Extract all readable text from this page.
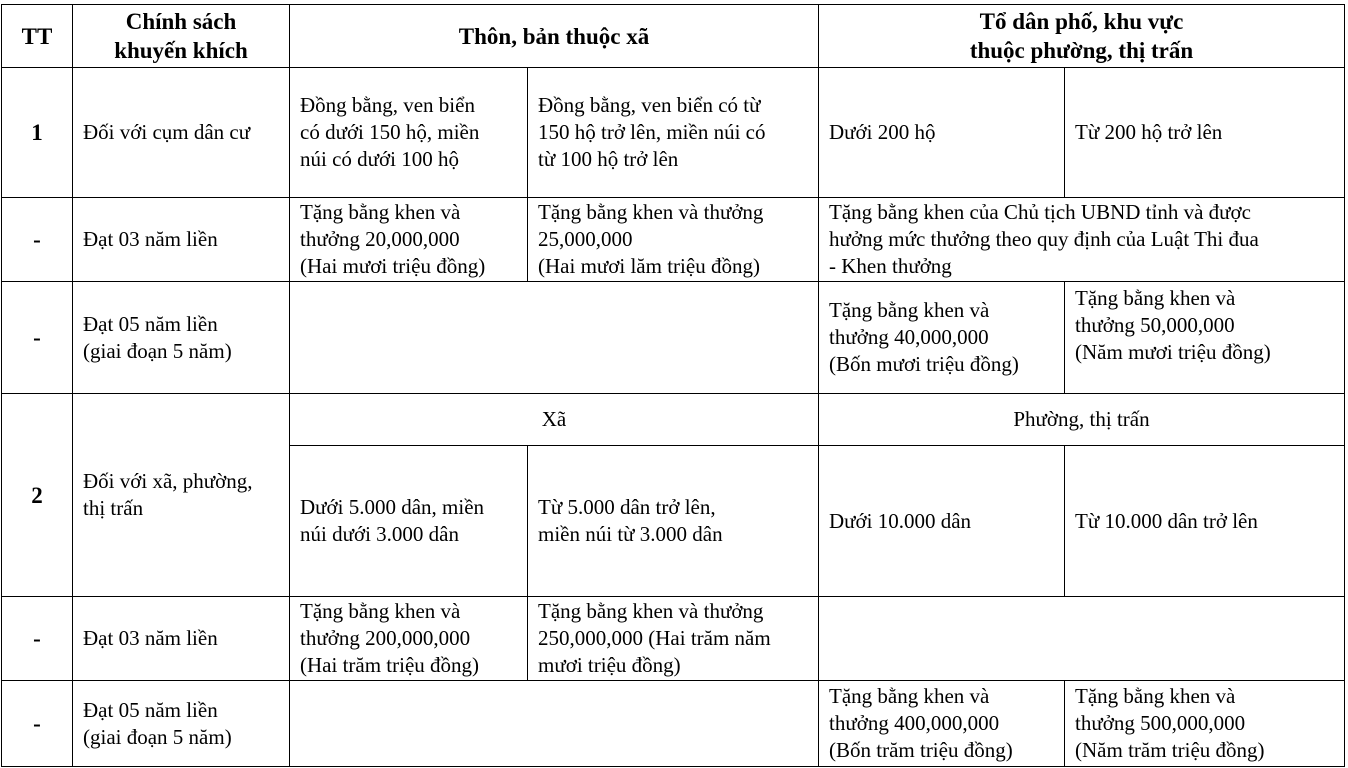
TT	Chính sách
khuyến khích	Thôn, bản thuộc xã		Tổ dân phố, khu vực
thuộc phường, thị trấn	

1	Đối với cụm dân cư	Đồng bằng, ven biển
có dưới 150 hộ, miền
núi có dưới 100 hộ	Đồng bằng, ven biển có từ
150 hộ trở lên, miền núi có
từ 100 hộ trở lên	Dưới 200 hộ	Từ 200 hộ trở lên
-	Đạt 03 năm liền	Tặng bằng khen và
thưởng 20,000,000
(Hai mươi triệu đồng)	Tặng bằng khen và thưởng
25,000,000
(Hai mươi lăm triệu đồng)	Tặng bằng khen của Chủ tịch UBND tỉnh và được
hưởng mức thưởng theo quy định của Luật Thi đua
- Khen thưởng	

-	Đạt 05 năm liền
(giai đoạn 5 năm)			Tặng bằng khen và
thưởng 40,000,000
(Bốn mươi triệu đồng)	Tặng bằng khen và
thưởng 50,000,000
(Năm mươi triệu đồng)

2	Đối với xã, phường,
thị trấn	Xã		Phường, thị trấn	

		Dưới 5.000 dân, miền
núi dưới 3.000 dân	Từ 5.000 dân trở lên,
miền núi từ 3.000 dân	Dưới 10.000 dân	Từ 10.000 dân trở lên
-	Đạt 03 năm liền	Tặng bằng khen và
thưởng 200,000,000
(Hai trăm triệu đồng)	Tặng bằng khen và thưởng
250,000,000 (Hai trăm năm
mươi triệu đồng)		

-	Đạt 05 năm liền
(giai đoạn 5 năm)			Tặng bằng khen và
thưởng 400,000,000
(Bốn trăm triệu đồng)	Tặng bằng khen và
thưởng 500,000,000
(Năm trăm triệu đồng)
